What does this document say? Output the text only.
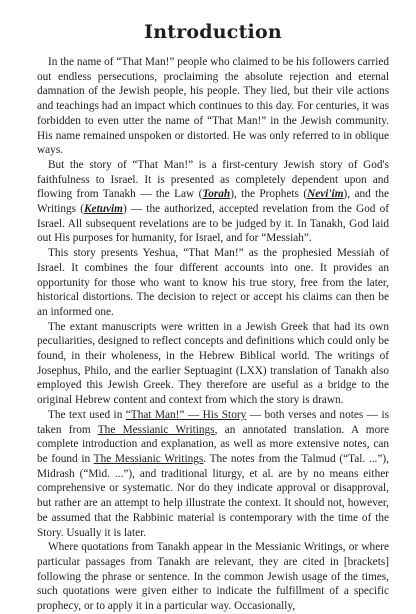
Introduction

In the name of “That Man!” people who claimed to be his followers carried out endless persecutions, proclaiming the absolute rejection and eternal damnation of the Jewish people, his people. They lied, but their vile actions and teachings had an impact which continues to this day. For centuries, it was forbidden to even utter the name of “That Man!” in the Jewish community. His name remained unspoken or distorted. He was only referred to in oblique ways.

But the story of “That Man!” is a first-century Jewish story of God's faithfulness to Israel. It is presented as completely dependent upon and flowing from Tanakh — the Law (Torah), the Prophets (Nevi'im), and the Writings (Ketuvim) — the authorized, accepted revelation from the God of Israel. All subsequent revelations are to be judged by it. In Tanakh, God laid out His purposes for humanity, for Israel, and for “Messiah”.

This story presents Yeshua, “That Man!” as the prophesied Messiah of Israel. It combines the four different accounts into one. It provides an opportunity for those who want to know his true story, free from the later, historical distortions. The decision to reject or accept his claims can then be an informed one.

The extant manuscripts were written in a Jewish Greek that had its own peculiarities, designed to reflect concepts and definitions which could only be found, in their wholeness, in the Hebrew Biblical world. The writings of Josephus, Philo, and the earlier Septuagint (LXX) translation of Tanakh also employed this Jewish Greek. They therefore are useful as a bridge to the original Hebrew content and context from which the story is drawn.

The text used in “That Man!” — His Story — both verses and notes — is taken from The Messianic Writings, an annotated translation. A more complete introduction and explanation, as well as more extensive notes, can be found in The Messianic Writings. The notes from the Talmud (“Tal. ...”), Midrash (“Mid. ...”), and traditional liturgy, et al. are by no means either comprehensive or systematic. Nor do they indicate approval or disapproval, but rather are an attempt to help illustrate the context. It should not, however, be assumed that the Rabbinic material is contemporary with the time of the Story. Usually it is later.

Where quotations from Tanakh appear in the Messianic Writings, or where particular passages from Tanakh are relevant, they are cited in [brackets] following the phrase or sentence. In the common Jewish usage of the times, such quotations were given either to indicate the fulfillment of a specific prophecy, or to apply it in a particular way. Occasionally,
